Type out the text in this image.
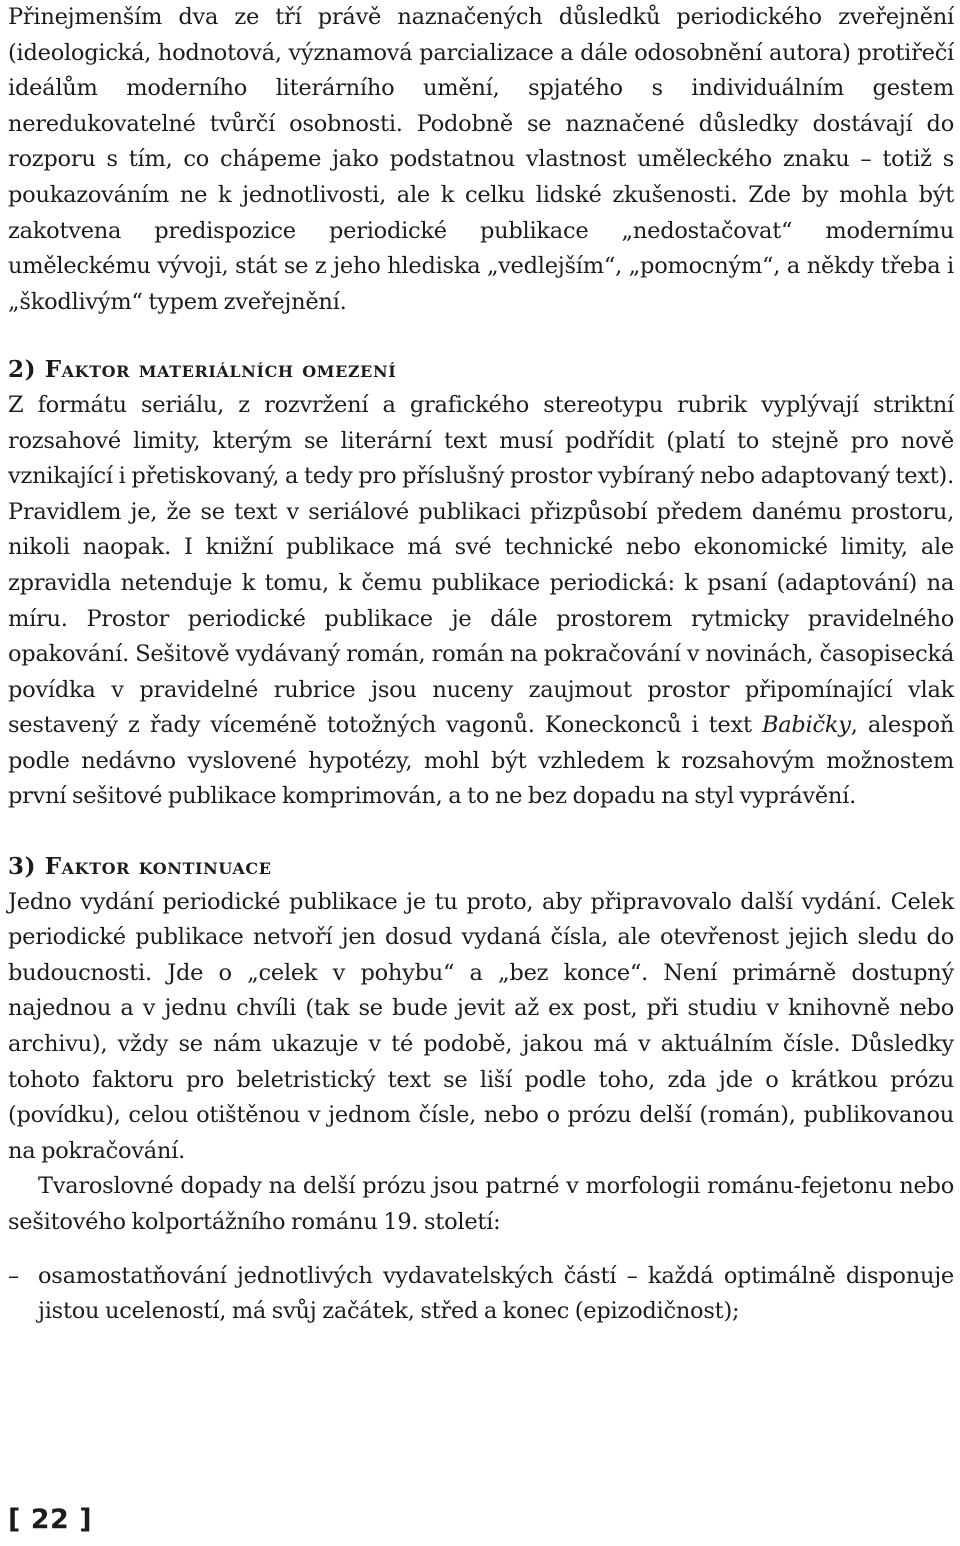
Přinejmenším dva ze tří právě naznačených důsledků periodického zveřejnění (ideologická, hodnotová, významová parcializace a dále odosobnění autora) protiřečí ideálům moderního literárního umění, spjatého s individuálním gestem neredukovatelné tvůrčí osobnosti. Podobně se naznačené důsledky dostávají do rozporu s tím, co chápeme jako podstatnou vlastnost uměleckého znaku – totiž s poukazováním ne k jednotlivosti, ale k celku lidské zkušenosti. Zde by mohla být zakotvena predispozice periodické publikace „nedostačovat“ modernímu uměleckému vývoji, stát se z jeho hlediska „vedlejším“, „pomocným“, a někdy třeba i „škodlivým“ typem zveřejnění.

2) Faktor materiálních omezení

Z formátu seriálu, z rozvržení a grafického stereotypu rubrik vyplývají striktní rozsahové limity, kterým se literární text musí podřídit (platí to stejně pro nově vznikající i přetiskovaný, a tedy pro příslušný prostor vybíraný nebo adaptovaný text). Pravidlem je, že se text v seriálové publikaci přizpůsobí předem danému prostoru, nikoli naopak. I knižní publikace má své technické nebo ekonomické limity, ale zpravidla netenduje k tomu, k čemu publikace periodická: k psaní (adaptování) na míru. Prostor periodické publikace je dále prostorem rytmicky pravidelného opakování. Sešitově vydávaný román, román na pokračování v novinách, časopisecká povídka v pravidelné rubrice jsou nuceny zaujmout prostor připomínající vlak sestavený z řady víceméně totožných vagonů. Koneckonců i text Babičky, alespoň podle nedávno vyslovené hypotézy, mohl být vzhledem k rozsahovým možnostem první sešitové publikace komprimován, a to ne bez dopadu na styl vyprávění.

3) Faktor kontinuace

Jedno vydání periodické publikace je tu proto, aby připravovalo další vydání. Celek periodické publikace netvoří jen dosud vydaná čísla, ale otevřenost jejich sledu do budoucnosti. Jde o „celek v pohybu“ a „bez konce“. Není primárně dostupný najednou a v jednu chvíli (tak se bude jevit až ex post, při studiu v knihovně nebo archivu), vždy se nám ukazuje v té podobě, jakou má v aktuálním čísle. Důsledky tohoto faktoru pro beletristický text se liší podle toho, zda jde o krátkou prózu (povídku), celou otištěnou v jednom čísle, nebo o prózu delší (román), publikovanou na pokračování.

Tvaroslovné dopady na delší prózu jsou patrné v morfologii románu-fejetonu nebo sešitového kolportážního románu 19. století:

– osamostatňování jednotlivých vydavatelských částí – každá optimálně disponuje jistou uceleností, má svůj začátek, střed a konec (epizodičnost);
[ 22 ]
